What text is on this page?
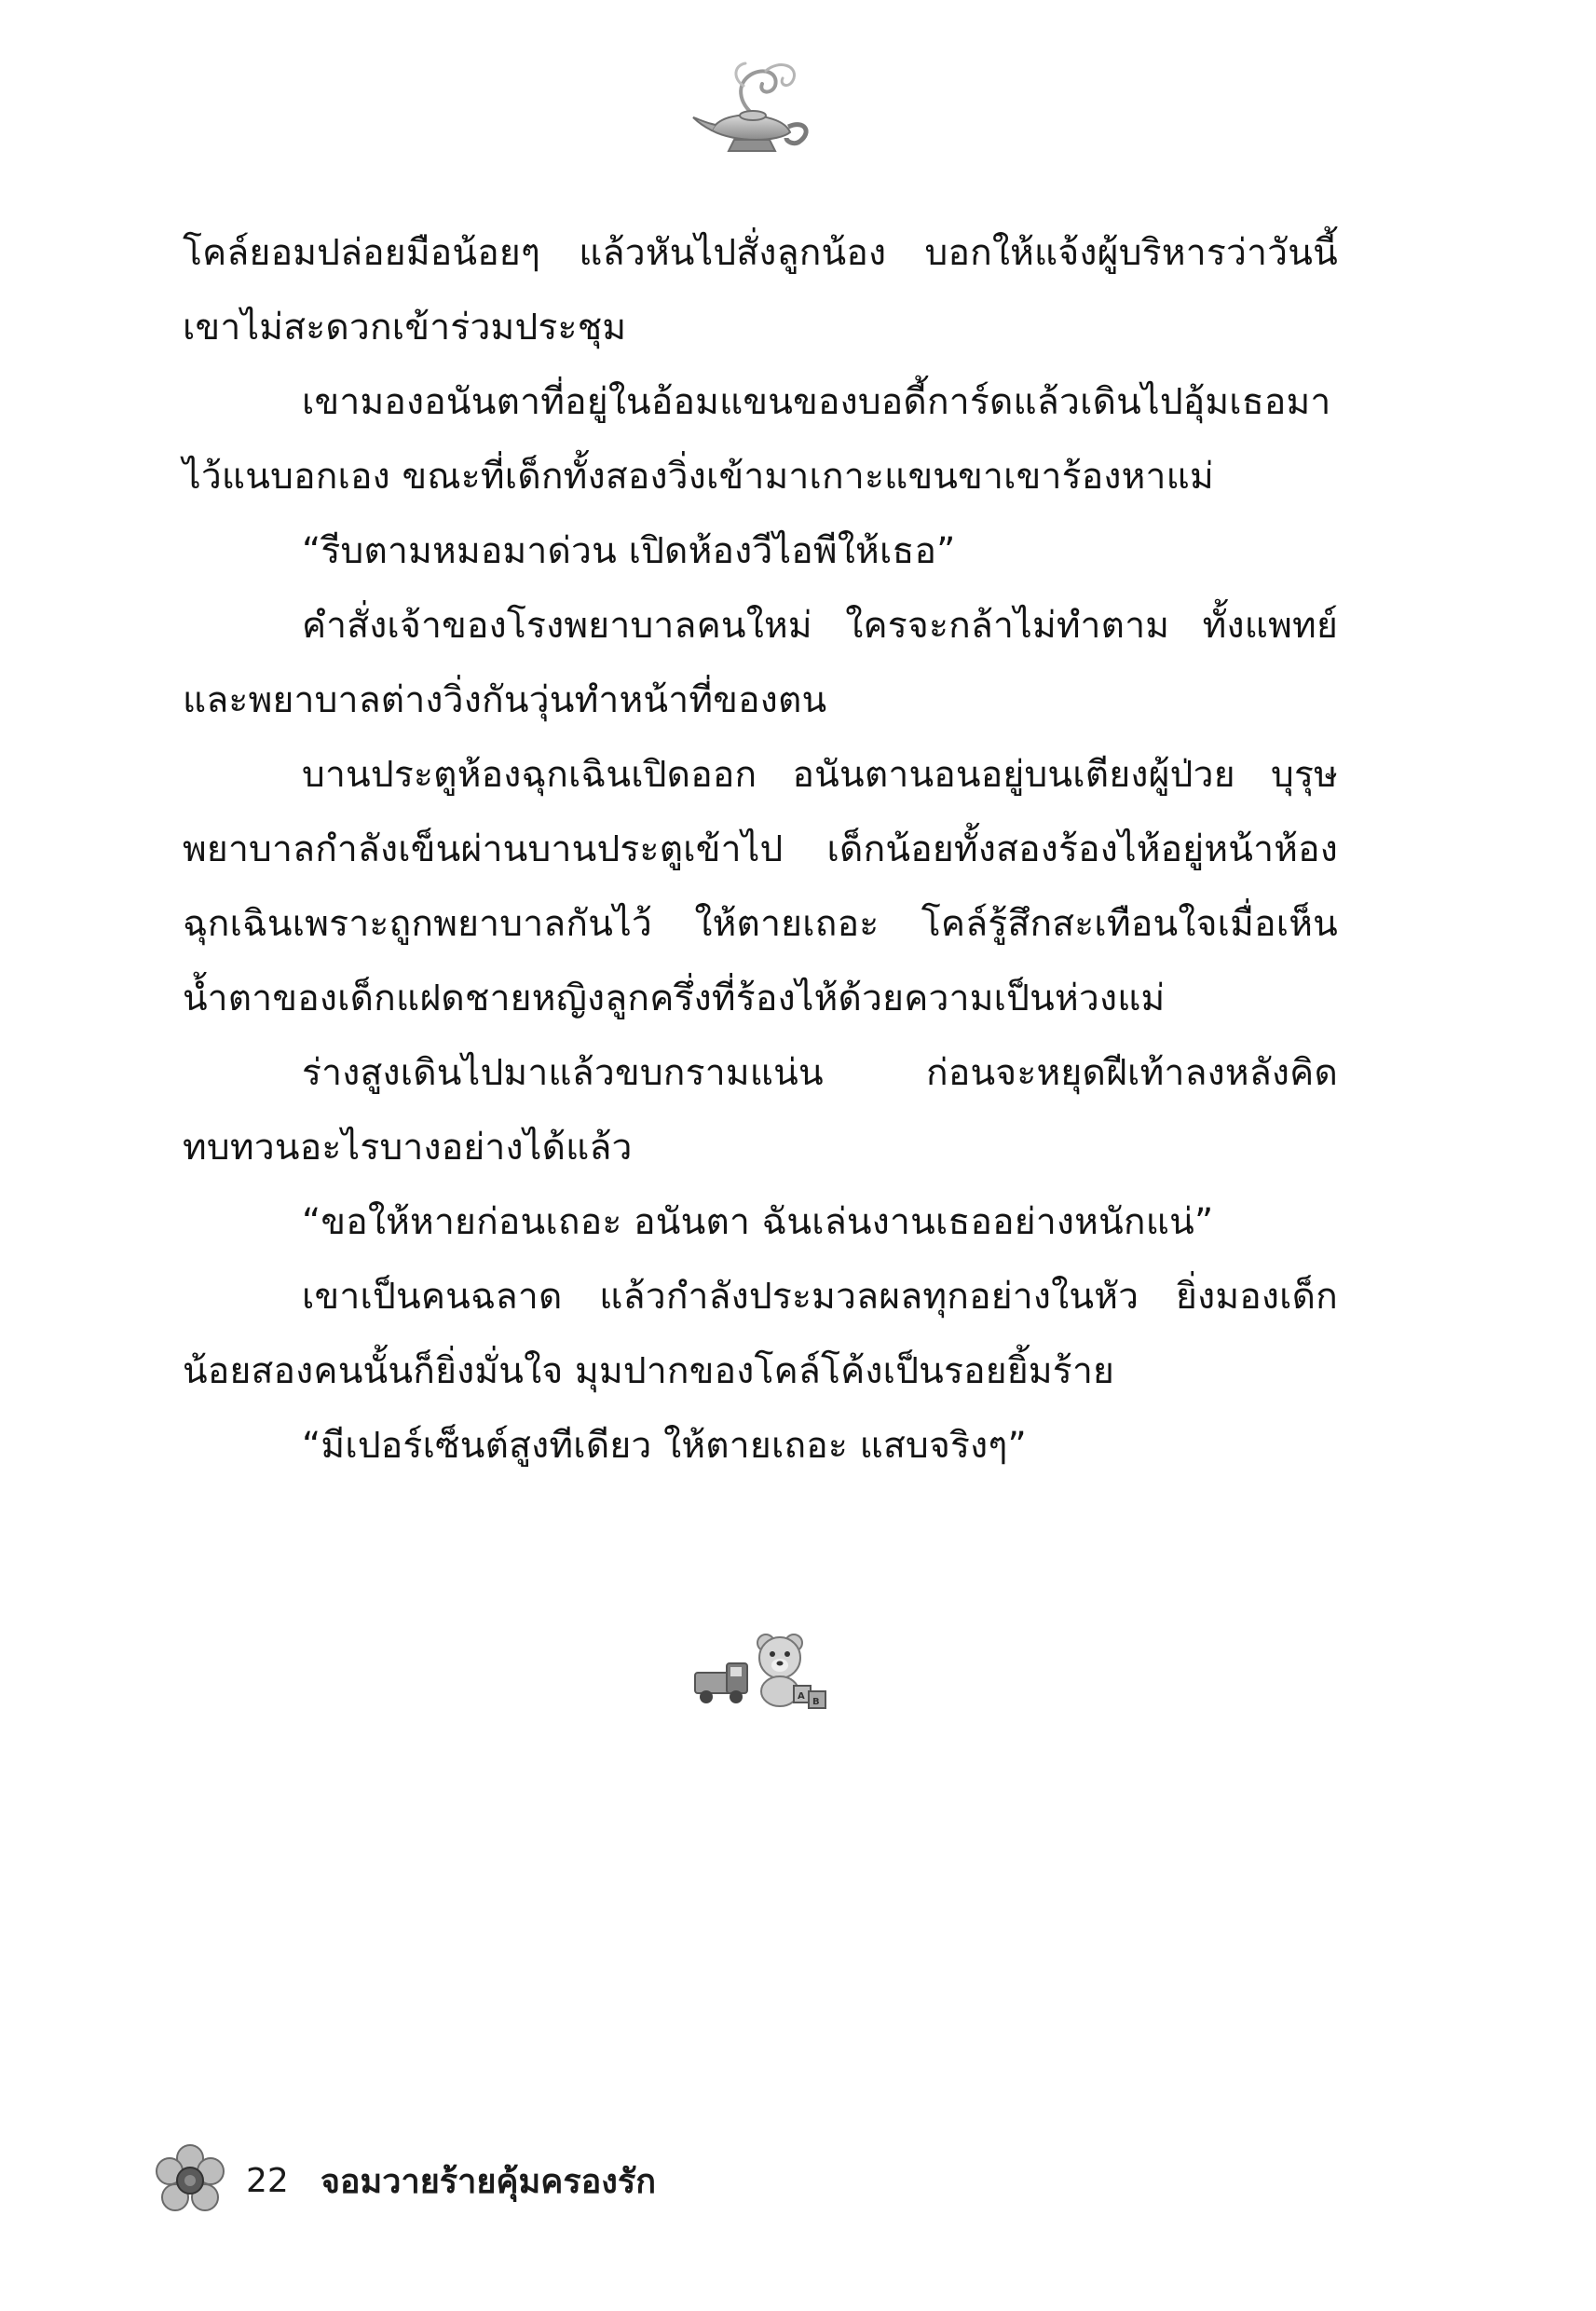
โคล์ยอมปล่อยมือน้อยๆ แล้วหันไปสั่งลูกน้อง บอกให้แจ้งผู้บริหารว่าวันนี้เขาไม่สะดวกเข้าร่วมประชุม

เขามองอนันตาที่อยู่ในอ้อมแขนของบอดี้การ์ดแล้วเดินไปอุ้มเธอมาไว้แนบอกเอง ขณะที่เด็กทั้งสองวิ่งเข้ามาเกาะแขนขาเขาร้องหาแม่

“รีบตามหมอมาด่วน เปิดห้องวีไอพีให้เธอ”

คำสั่งเจ้าของโรงพยาบาลคนใหม่ ใครจะกล้าไม่ทำตาม ทั้งแพทย์และพยาบาลต่างวิ่งกันวุ่นทำหน้าที่ของตน

บานประตูห้องฉุกเฉินเปิดออก อนันตานอนอยู่บนเตียงผู้ป่วย บุรุษพยาบาลกำลังเข็นผ่านบานประตูเข้าไป เด็กน้อยทั้งสองร้องไห้อยู่หน้าห้องฉุกเฉินเพราะถูกพยาบาลกันไว้ ให้ตายเถอะ โคล์รู้สึกสะเทือนใจเมื่อเห็นน้ำตาของเด็กแฝดชายหญิงลูกครึ่งที่ร้องไห้ด้วยความเป็นห่วงแม่

ร่างสูงเดินไปมาแล้วขบกรามแน่น ก่อนจะหยุดฝีเท้าลงหลังคิดทบทวนอะไรบางอย่างได้แล้ว

“ขอให้หายก่อนเถอะ อนันตา ฉันเล่นงานเธออย่างหนักแน่”

เขาเป็นคนฉลาด แล้วกำลังประมวลผลทุกอย่างในหัว ยิ่งมองเด็กน้อยสองคนนั้นก็ยิ่งมั่นใจ มุมปากของโคล์โค้งเป็นรอยยิ้มร้าย

“มีเปอร์เซ็นต์สูงทีเดียว ให้ตายเถอะ แสบจริงๆ”

A
B
22 จอมวายร้ายคุ้มครองรัก
